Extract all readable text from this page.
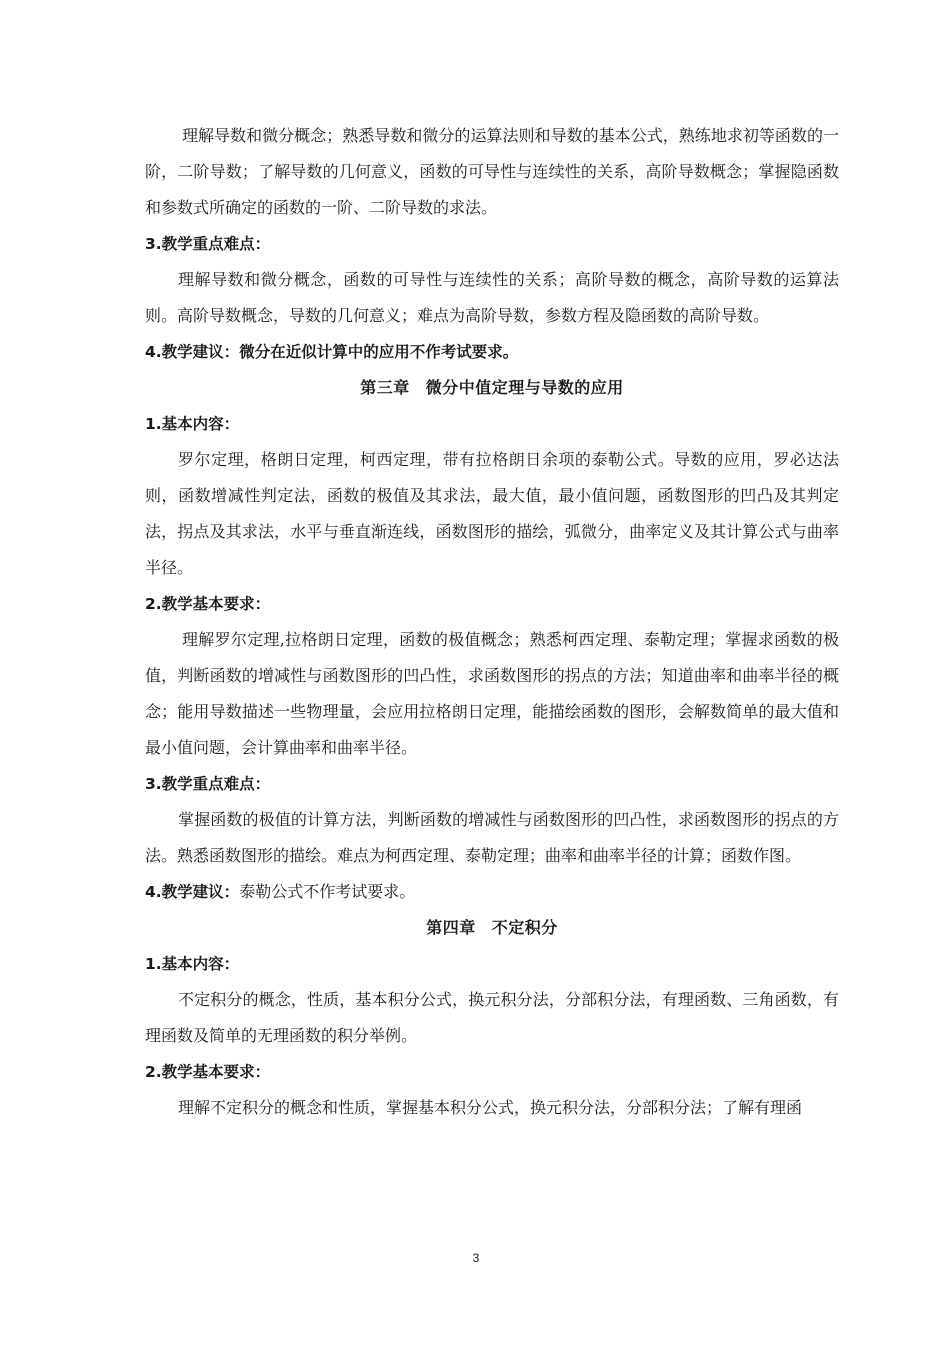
理解导数和微分概念；熟悉导数和微分的运算法则和导数的基本公式，熟练地求初等函数的一阶，二阶导数；了解导数的几何意义，函数的可导性与连续性的关系，高阶导数概念；掌握隐函数和参数式所确定的函数的一阶、二阶导数的求法。

3.教学重点难点：

理解导数和微分概念，函数的可导性与连续性的关系；高阶导数的概念，高阶导数的运算法则。高阶导数概念，导数的几何意义；难点为高阶导数，参数方程及隐函数的高阶导数。

4.教学建议：微分在近似计算中的应用不作考试要求。

第三章 微分中值定理与导数的应用

1.基本内容：

罗尔定理，格朗日定理，柯西定理，带有拉格朗日余项的泰勒公式。导数的应用，罗必达法则，函数增减性判定法，函数的极值及其求法，最大值，最小值问题，函数图形的凹凸及其判定法，拐点及其求法，水平与垂直渐连线，函数图形的描绘，弧微分，曲率定义及其计算公式与曲率半径。

2.教学基本要求：

理解罗尔定理,拉格朗日定理，函数的极值概念；熟悉柯西定理、泰勒定理；掌握求函数的极值，判断函数的增减性与函数图形的凹凸性，求函数图形的拐点的方法；知道曲率和曲率半径的概念；能用导数描述一些物理量，会应用拉格朗日定理，能描绘函数的图形，会解数简单的最大值和最小值问题，会计算曲率和曲率半径。

3.教学重点难点：

掌握函数的极值的计算方法，判断函数的增减性与函数图形的凹凸性，求函数图形的拐点的方法。熟悉函数图形的描绘。难点为柯西定理、泰勒定理；曲率和曲率半径的计算；函数作图。

4.教学建议：泰勒公式不作考试要求。

第四章 不定积分

1.基本内容：

不定积分的概念，性质，基本积分公式，换元积分法，分部积分法，有理函数、三角函数，有理函数及简单的无理函数的积分举例。

2.教学基本要求：

理解不定积分的概念和性质，掌握基本积分公式，换元积分法，分部积分法；了解有理函

3
